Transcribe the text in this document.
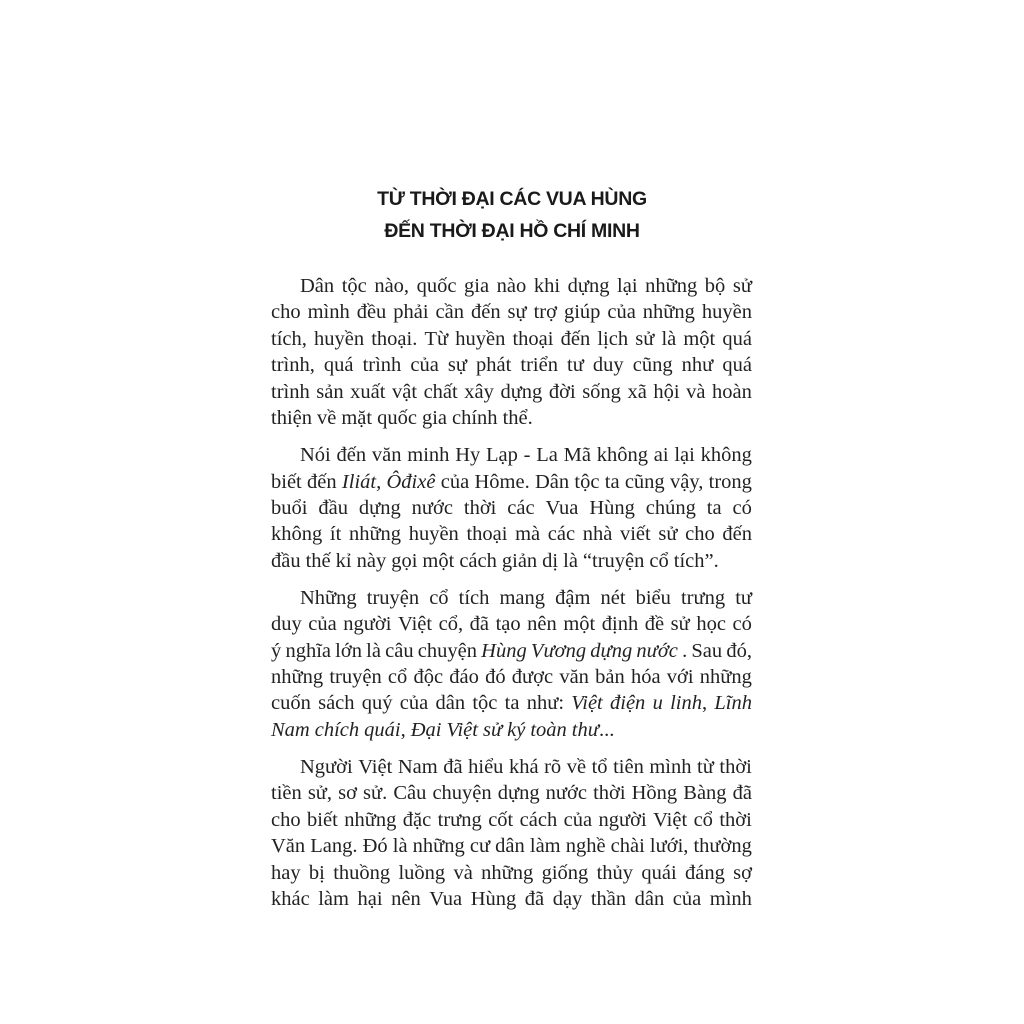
TỪ THỜI ĐẠI CÁC VUA HÙNG
ĐẾN THỜI ĐẠI HỒ CHÍ MINH
Dân tộc nào, quốc gia nào khi dựng lại những bộ sử
cho mình đều phải cần đến sự trợ giúp của những huyền
tích, huyền thoại. Từ huyền thoại đến lịch sử là một quá
trình, quá trình của sự phát triển tư duy cũng như quá
trình sản xuất vật chất xây dựng đời sống xã hội và hoàn
thiện về mặt quốc gia chính thể.
Nói đến văn minh Hy Lạp - La Mã không ai lại không
biết đến Iliát, Ôđixê của Hôme. Dân tộc ta cũng vậy, trong
buổi đầu dựng nước thời các Vua Hùng chúng ta có
không ít những huyền thoại mà các nhà viết sử cho đến
đầu thế kỉ này gọi một cách giản dị là “truyện cổ tích”.
Những truyện cổ tích mang đậm nét biểu trưng tư
duy của người Việt cổ, đã tạo nên một định đề sử học có
ý nghĩa lớn là câu chuyện Hùng Vương dựng nước . Sau đó,
những truyện cổ độc đáo đó được văn bản hóa với những
cuốn sách quý của dân tộc ta như: Việt điện u linh, Lĩnh
Nam chích quái, Đại Việt sử ký toàn thư...
Người Việt Nam đã hiểu khá rõ về tổ tiên mình từ thời
tiền sử, sơ sử. Câu chuyện dựng nước thời Hồng Bàng đã
cho biết những đặc trưng cốt cách của người Việt cổ thời
Văn Lang. Đó là những cư dân làm nghề chài lưới, thường
hay bị thuồng luồng và những giống thủy quái đáng sợ
khác làm hại nên Vua Hùng đã dạy thần dân của mình
